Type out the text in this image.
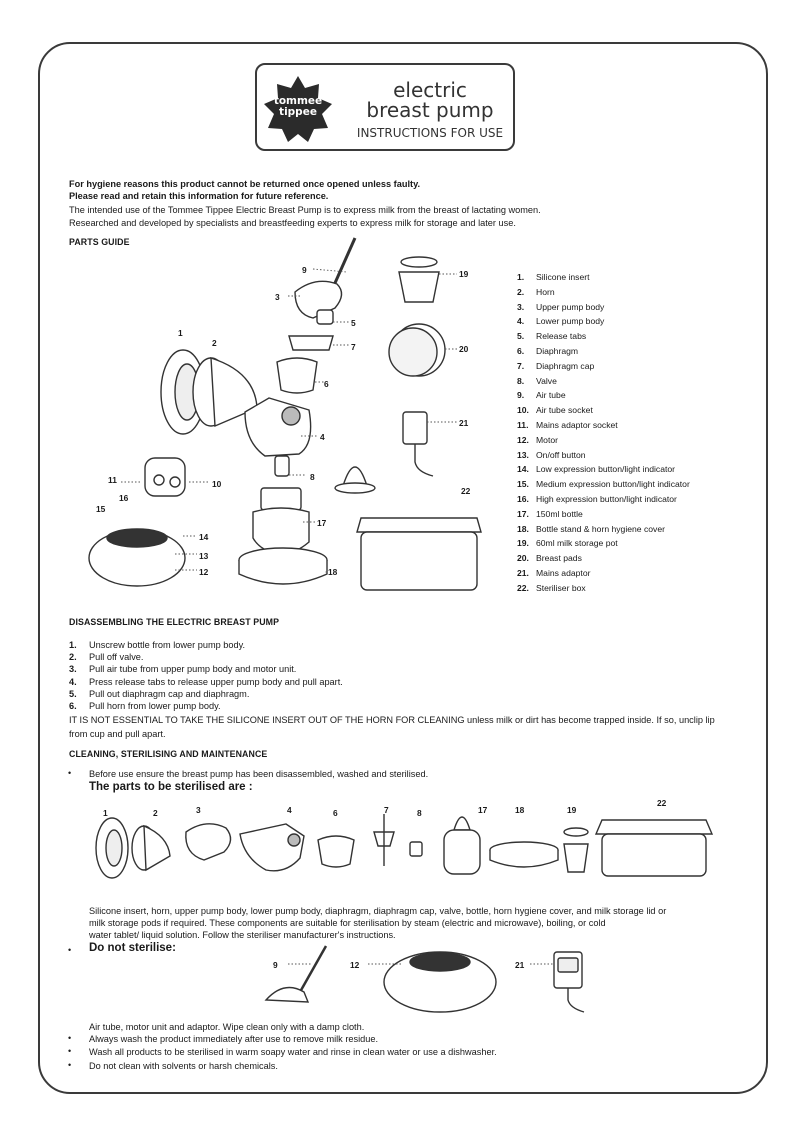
tommee
tippee
electric
breast pump
INSTRUCTIONS FOR USE
For hygiene reasons this product cannot be returned once opened unless faulty.
Please read and retain this information for future reference.
The intended use of the Tommee Tippee Electric Breast Pump is to express milk from the breast of lactating women.
Researched and developed by specialists and breastfeeding experts to express milk for storage and later use.
PARTS GUIDE
1
2
3
4
5
6
7
8
9
10
11
12
13
14
15
16
17
18
19
20
21
22
1.	Silicone insert
2.	Horn
3.	Upper pump body
4.	Lower pump body
5.	Release tabs
6.	Diaphragm
7.	Diaphragm cap
8.	Valve
9.	Air tube
10. Air tube socket
11. Mains adaptor socket
12. Motor
13. On/off button
14. Low expression button/light indicator
15. Medium expression button/light indicator
16. High expression button/light indicator
17. 150ml bottle
18. Bottle stand & horn hygiene cover
19. 60ml milk storage pot
20. Breast pads
21. Mains adaptor
22. Steriliser box
DISASSEMBLING THE ELECTRIC BREAST PUMP
1.	Unscrew bottle from lower pump body.
2.	Pull off valve.
3.	Pull air tube from upper pump body and motor unit.
4.	Press release tabs to release upper pump body and pull apart.
5.	Pull out diaphragm cap and diaphragm.
6.	Pull horn from lower pump body.
IT IS NOT ESSENTIAL TO TAKE THE SILICONE INSERT OUT OF THE HORN FOR CLEANING unless milk or dirt has become trapped inside. If so, unclip lip
from cup and pull apart.
CLEANING, STERILISING AND MAINTENANCE
• Before use ensure the breast pump has been disassembled, washed and sterilised.
The parts to be sterilised are :
1	2	3	4	6	7	8	17	18	19
22
Silicone insert, horn, upper pump body, lower pump body, diaphragm, diaphragm cap, valve, bottle, horn hygiene cover, and milk storage lid or
milk storage pods if required. These components are suitable for sterilisation by steam (electric and microwave), boiling, or cold
water tablet/ liquid solution. Follow the steriliser manufacturer's instructions.
• Do not sterilise:
9	12	21
Air tube, motor unit and adaptor. Wipe clean only with a damp cloth.
• Always wash the product immediately after use to remove milk residue.
• Wash all products to be sterilised in warm soapy water and rinse in clean water or use a dishwasher.
• Do not clean with solvents or harsh chemicals.
